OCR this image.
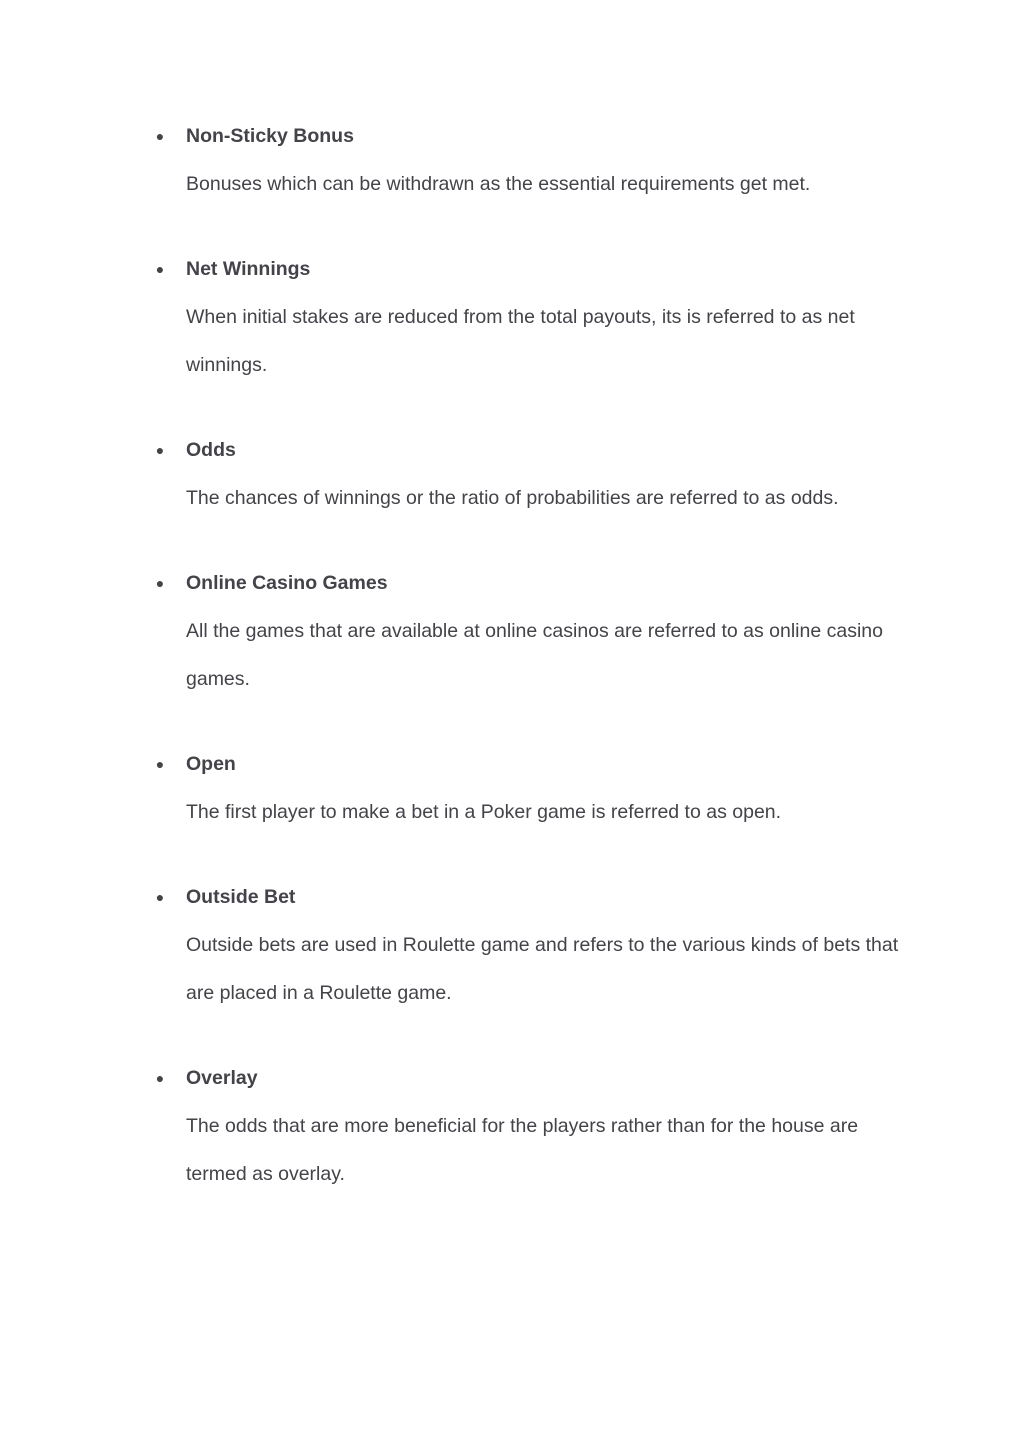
● Non-Sticky Bonus
Bonuses which can be withdrawn as the essential requirements get met.
● Net Winnings
When initial stakes are reduced from the total payouts, its is referred to as net winnings.
● Odds
The chances of winnings or the ratio of probabilities are referred to as odds.
● Online Casino Games
All the games that are available at online casinos are referred to as online casino games.
● Open
The first player to make a bet in a Poker game is referred to as open.
● Outside Bet
Outside bets are used in Roulette game and refers to the various kinds of bets that are placed in a Roulette game.
● Overlay
The odds that are more beneficial for the players rather than for the house are termed as overlay.
